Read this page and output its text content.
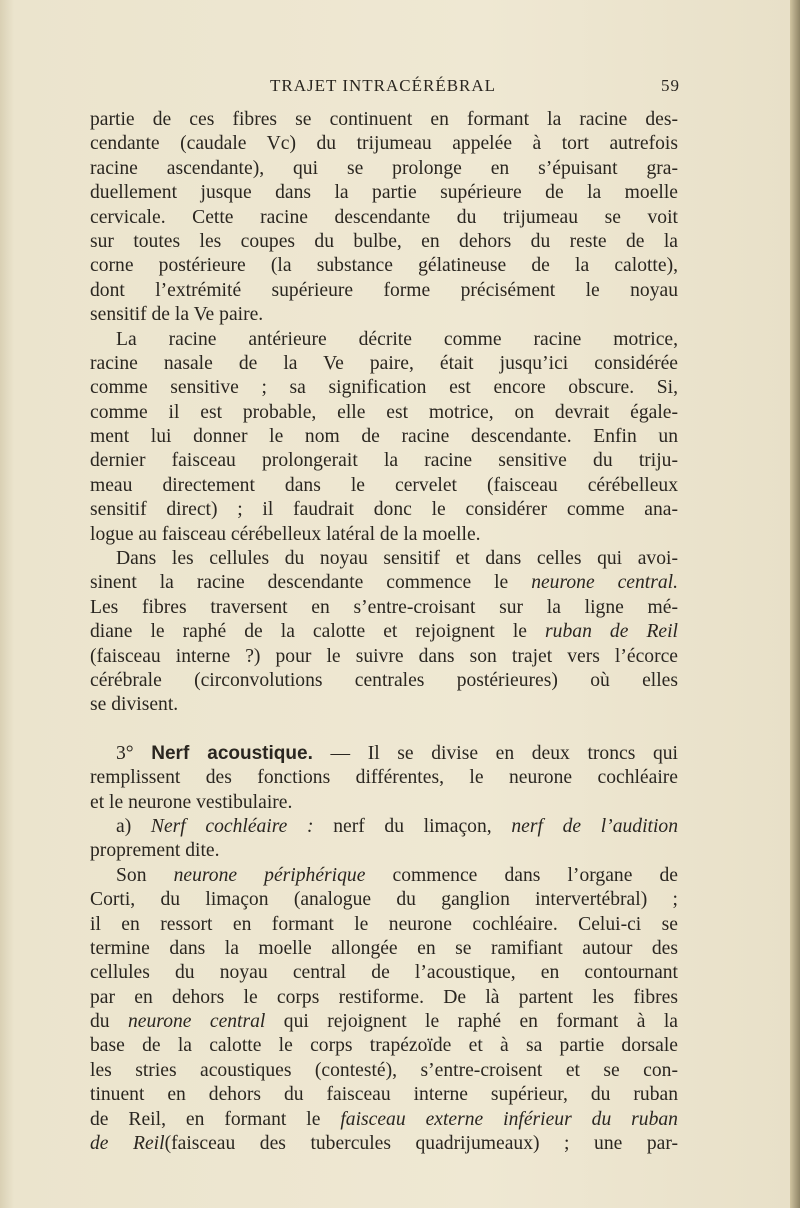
TRAJET INTRACÉRÉBRAL	59
partie de ces fibres se continuent en formant la racine des-
cendante (caudale Vc) du trijumeau appelée à tort autrefois
racine ascendante), qui se prolonge en s’épuisant gra-
duellement jusque dans la partie supérieure de la moelle
cervicale. Cette racine descendante du trijumeau se voit
sur toutes les coupes du bulbe, en dehors du reste de la
corne postérieure (la substance gélatineuse de la calotte),
dont l’extrémité supérieure forme précisément le noyau
sensitif de la Ve paire.
La racine antérieure décrite comme racine motrice,
racine nasale de la Ve paire, était jusqu’ici considérée
comme sensitive ; sa signification est encore obscure. Si,
comme il est probable, elle est motrice, on devrait égale-
ment lui donner le nom de racine descendante. Enfin un
dernier faisceau prolongerait la racine sensitive du triju-
meau directement dans le cervelet (faisceau cérébelleux
sensitif direct) ; il faudrait donc le considérer comme ana-
logue au faisceau cérébelleux latéral de la moelle.
Dans les cellules du noyau sensitif et dans celles qui avoi-
sinent la racine descendante commence le neurone central.
Les fibres traversent en s’entre-croisant sur la ligne mé-
diane le raphé de la calotte et rejoignent le ruban de Reil
(faisceau interne ?) pour le suivre dans son trajet vers l’écorce
cérébrale (circonvolutions centrales postérieures) où elles
se divisent.
3° Nerf acoustique. — Il se divise en deux troncs qui
remplissent des fonctions différentes, le neurone cochléaire
et le neurone vestibulaire.
a) Nerf cochléaire : nerf du limaçon, nerf de l’audition
proprement dite.
Son neurone périphérique commence dans l’organe de
Corti, du limaçon (analogue du ganglion intervertébral) ;
il en ressort en formant le neurone cochléaire. Celui-ci se
termine dans la moelle allongée en se ramifiant autour des
cellules du noyau central de l’acoustique, en contournant
par en dehors le corps restiforme. De là partent les fibres
du neurone central qui rejoignent le raphé en formant à la
base de la calotte le corps trapézoïde et à sa partie dorsale
les stries acoustiques (contesté), s’entre-croisent et se con-
tinuent en dehors du faisceau interne supérieur, du ruban
de Reil, en formant le faisceau externe inférieur du ruban
de Reil(faisceau des tubercules quadrijumeaux) ; une par-
